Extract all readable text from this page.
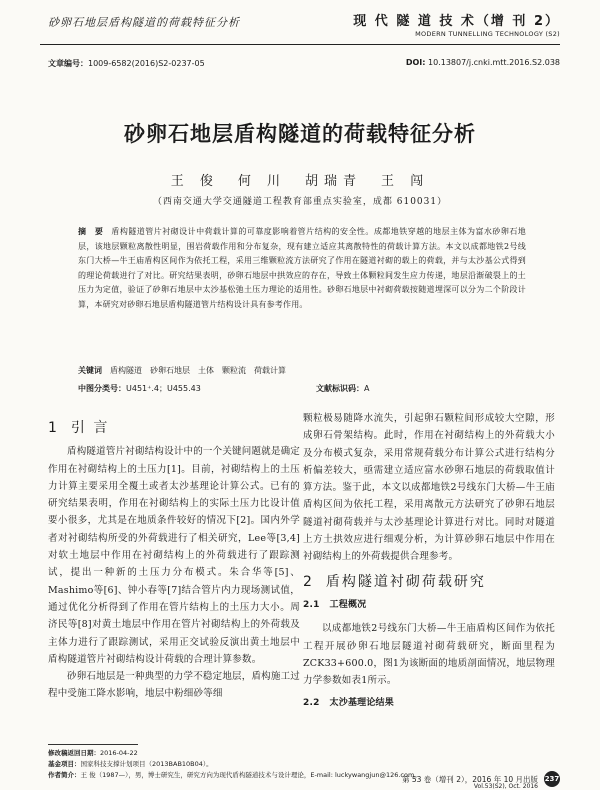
砂卵石地层盾构隧道的荷载特征分析	现 代 隧 道 技 术（增 刊 2）
MODERN TUNNELLING TECHNOLOGY (S2)
文章编号：1009-6582(2016)S2-0237-05	DOI: 10.13807/j.cnki.mtt.2016.S2.038
砂卵石地层盾构隧道的荷载特征分析
王 俊　何 川　胡瑞青　王 闯
（西南交通大学交通隧道工程教育部重点实验室，成都 610031）
摘　要 盾构隧道管片衬砌设计中荷载计算的可靠度影响着管片结构的安全性。成都地铁穿越的地层主体为富水砂卵石地层，该地层颗粒离散性明显，围岩荷载作用和分布复杂，现有建立适应其离散特性的荷载计算方法。本文以成都地铁2号线东门大桥—牛王庙盾构区间作为依托工程，采用三维颗粒流方法研究了作用在隧道衬砌的载上的荷载，并与太沙基公式得到的理论荷载进行了对比。研究结果表明，砂卵石地层中拱效应的存在，导致土体颗粒间发生应力传递，地层沿渐破裂上的土压力为定值，验证了砂卵石地层中太沙基松弛土压力理论的适用性。砂卵石地层中衬砌荷载按随道埋深可以分为二个阶段计算，本研究对砂卵石地层盾构隧道管片结构设计具有参考作用。
关键词 盾构隧道　砂卵石地层　土体　颗粒流　荷载计算
中图分类号：U451⁺.4；U455.43	文献标识码：A
1 引 言

盾构隧道管片衬砌结构设计中的一个关键问题就是确定作用在衬砌结构上的土压力[1]。目前，衬砌结构上的土压力计算主要采用全覆土或者太沙基理论计算公式。已有的研究结果表明，作用在衬砌结构上的实际土压力比设计值要小很多，尤其是在地质条件较好的情况下[2]。国内外学者对衬砌结构所受的外荷载进行了相关研究，Lee等[3,4]对软土地层中作用在衬砌结构上的外荷载进行了跟踪测试，提出一种新的土压力分布模式。朱合华等[5]、Mashimo等[6]、钟小春等[7]结合管片内力现场测试值，通过优化分析得到了作用在管片结构上的土压力大小。周济民等[8]对黄土地层中作用在管片衬砌结构上的外荷载及主体力进行了跟踪测试，采用正交试验反演出黄土地层中盾构隧道管片衬砌结构设计荷载的合理计算参数。

砂卵石地层是一种典型的力学不稳定地层，盾构施工过程中受施工降水影响，地层中粉细砂等细

颗粒极易随降水流失，引起卵石颗粒间形成较大空隙，形成卵石骨架结构。此时，作用在衬砌结构上的外荷载大小及分布模式复杂，采用常规荷载分布计算公式进行结构分析偏差较大，亟需建立适应富水砂卵石地层的荷载取值计算方法。鉴于此，本文以成都地铁2号线东门大桥—牛王庙盾构区间为依托工程，采用离散元方法研究了砂卵石地层隧道衬砌荷载并与太沙基理论计算进行对比。同时对隧道上方土拱效应进行细观分析，为计算砂卵石地层中作用在衬砌结构上的外荷载提供合理参考。

2 盾构隧道衬砌荷载研究
2.1 工程概况

以成都地铁2号线东门大桥—牛王庙盾构区间作为依托工程开展砂卵石地层隧道衬砌荷载研究，断面里程为ZCK33+600.0，图1为该断面的地质剖面情况，地层物理力学参数如表1所示。

2.2 太沙基理论结果
修改稿返回日期：2016-04-22
基金项目：国家科技支撑计划项目（2013BAB10B04）。
作者简介：王 俊（1987—），男，博士研究生，研究方向为现代盾构隧道技术与设计理论，E-mail: luckywangjun@126.com。
第 53 卷（增刊 2），2016 年 10 月出版 237
Vol.53(S2), Oct. 2016
